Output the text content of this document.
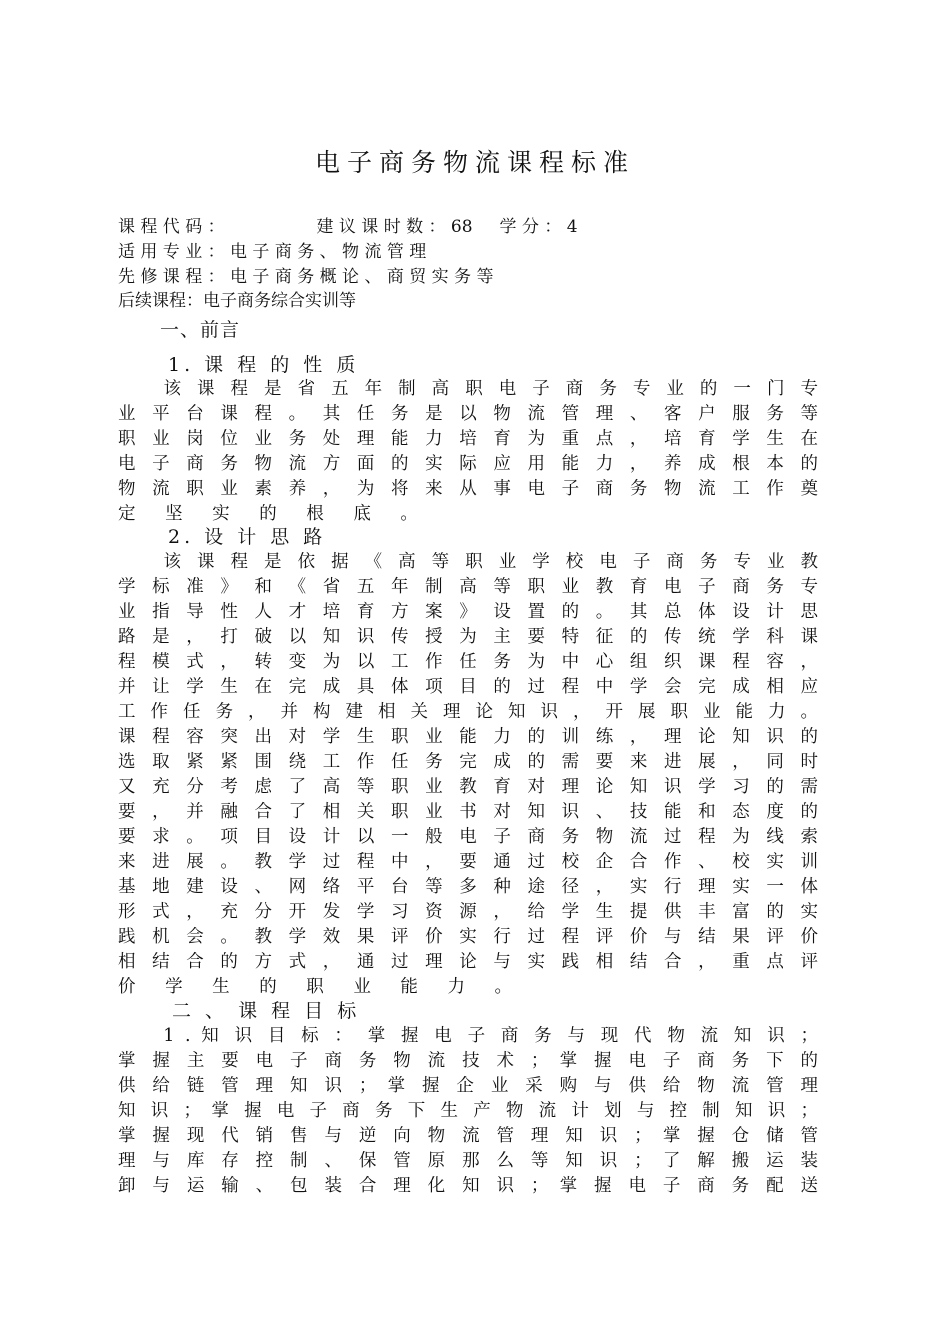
电子商务物流课程标准
课 程 代 码 ：                 建 议 课 时 数 ： 68     学 分 ： 4
适 用 专 业 ： 电 子 商 务 、 物 流 管 理
先 修 课 程 ： 电 子 商 务 概 论 、 商 贸 实 务 等
后续课程：电子商务综合实训等
一、前言
1. 课 程 的 性 质
　　该 课 程 是 省 五 年 制 高 职 电 子 商 务 专 业 的 一 门 专
业 平 台 课 程 。 其 任 务 是 以 物 流 管 理 、 客 户 服 务 等
职 业 岗 位 业 务 处 理 能 力 培 育 为 重 点 ， 培 育 学 生 在
电 子 商 务 物 流 方 面 的 实 际 应 用 能 力 ， 养 成 根 本 的
物 流 职 业 素 养 ， 为 将 来 从 事 电 子 商 务 物 流 工 作 奠
定 坚 实 的 根 底 。
2. 设 计 思 路
　　该 课 程 是 依 据 《 高 等 职 业 学 校 电 子 商 务 专 业 教
学 标 准 》 和 《 省 五 年 制 高 等 职 业 教 育 电 子 商 务 专
业 指 导 性 人 才 培 育 方 案 》 设 置 的 。 其 总 体 设 计 思
路 是 ， 打 破 以 知 识 传 授 为 主 要 特 征 的 传 统 学 科 课
程 模 式 ， 转 变 为 以 工 作 任 务 为 中 心 组 织 课 程 容 ，
并 让 学 生 在 完 成 具 体 项 目 的 过 程 中 学 会 完 成 相 应
工 作 任 务 ， 并 构 建 相 关 理 论 知 识 ， 开 展 职 业 能 力 。
课 程 容 突 出 对 学 生 职 业 能 力 的 训 练 ， 理 论 知 识 的
选 取 紧 紧 围 绕 工 作 任 务 完 成 的 需 要 来 进 展 ， 同 时
又 充 分 考 虑 了 高 等 职 业 教 育 对 理 论 知 识 学 习 的 需
要 ， 并 融 合 了 相 关 职 业 书 对 知 识 、 技 能 和 态 度 的
要 求 。 项 目 设 计 以 一 般 电 子 商 务 物 流 过 程 为 线 索
来 进 展 。 教 学 过 程 中 ， 要 通 过 校 企 合 作 、 校 实 训
基 地 建 设 、 网 络 平 台 等 多 种 途 径 ， 实 行 理 实 一 体
形 式 ， 充 分 开 发 学 习 资 源 ， 给 学 生 提 供 丰 富 的 实
践 机 会 。 教 学 效 果 评 价 实 行 过 程 评 价 与 结 果 评 价
相 结 合 的 方 式 ， 通 过 理 论 与 实 践 相 结 合 ， 重 点 评
价 学 生 的 职 业 能 力 。
二 、 课 程 目 标
　　1 . 知 识 目 标 ： 掌 握 电 子 商 务 与 现 代 物 流 知 识 ；
掌 握 主 要 电 子 商 务 物 流 技 术 ； 掌 握 电 子 商 务 下 的
供 给 链 管 理 知 识 ； 掌 握 企 业 采 购 与 供 给 物 流 管 理
知 识 ； 掌 握 电 子 商 务 下 生 产 物 流 计 划 与 控 制 知 识 ；
掌 握 现 代 销 售 与 逆 向 物 流 管 理 知 识 ； 掌 握 仓 储 管
理 与 库 存 控 制 、 保 管 原 那 么 等 知 识 ； 了 解 搬 运 装
卸 与 运 输 、 包 装 合 理 化 知 识 ； 掌 握 电 子 商 务 配 送
